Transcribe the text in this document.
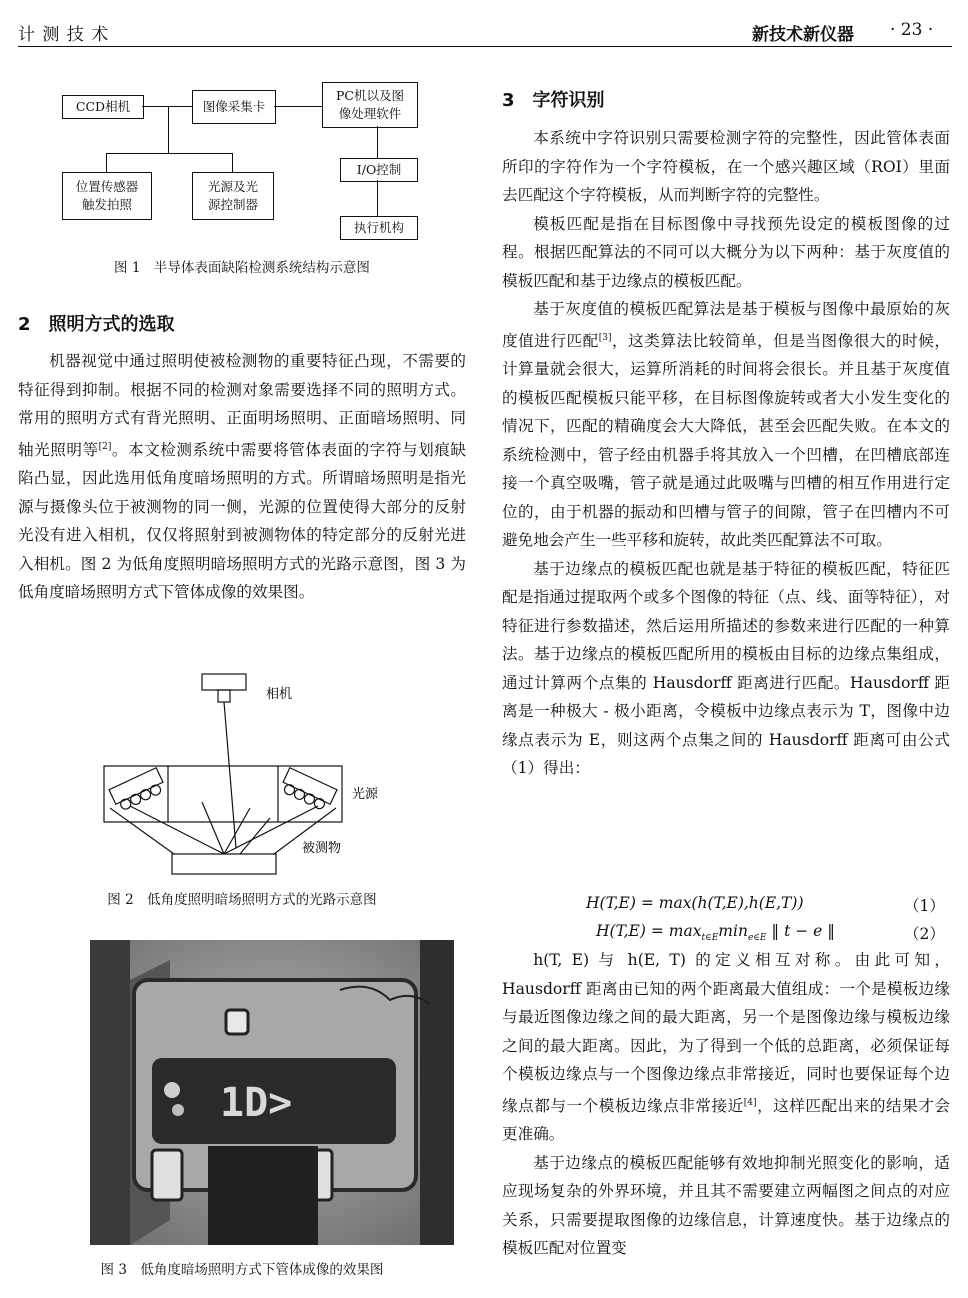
计 测 技 术	新技术新仪器 · 23 ·
CCD相机	图像采集卡
PC机以及图
像处理软件
位置传感器
触发拍照
光源及光
源控制器
I/O控制
执行机构
图 1　半导体表面缺陷检测系统结构示意图
2　照明方式的选取

机器视觉中通过照明使被检测物的重要特征凸现，不需要的特征得到抑制。根据不同的检测对象需要选择不同的照明方式。常用的照明方式有背光照明、正面明场照明、正面暗场照明、同轴光照明等[2]。本文检测系统中需要将管体表面的字符与划痕缺陷凸显，因此选用低角度暗场照明的方式。所谓暗场照明是指光源与摄像头位于被测物的同一侧，光源的位置使得大部分的反射光没有进入相机，仅仅将照射到被测物体的特定部分的反射光进入相机。图 2 为低角度照明暗场照明方式的光路示意图，图 3 为低角度暗场照明方式下管体成像的效果图。

相机
光源
被测物
图 2　低角度照明暗场照明方式的光路示意图
1D>
图 3　低角度暗场照明方式下管体成像的效果图
3　字符识别

本系统中字符识别只需要检测字符的完整性，因此管体表面所印的字符作为一个字符模板，在一个感兴趣区域（ROI）里面去匹配这个字符模板，从而判断字符的完整性。

模板匹配是指在目标图像中寻找预先设定的模板图像的过程。根据匹配算法的不同可以大概分为以下两种：基于灰度值的模板匹配和基于边缘点的模板匹配。

基于灰度值的模板匹配算法是基于模板与图像中最原始的灰度值进行匹配[3]，这类算法比较简单，但是当图像很大的时候，计算量就会很大，运算所消耗的时间将会很长。并且基于灰度值的模板匹配模板只能平移，在目标图像旋转或者大小发生变化的情况下，匹配的精确度会大大降低，甚至会匹配失败。在本文的系统检测中，管子经由机器手将其放入一个凹槽，在凹槽底部连接一个真空吸嘴，管子就是通过此吸嘴与凹槽的相互作用进行定位的，由于机器的振动和凹槽与管子的间隙，管子在凹槽内不可避免地会产生一些平移和旋转，故此类匹配算法不可取。

基于边缘点的模板匹配也就是基于特征的模板匹配，特征匹配是指通过提取两个或多个图像的特征（点、线、面等特征），对特征进行参数描述，然后运用所描述的参数来进行匹配的一种算法。基于边缘点的模板匹配所用的模板由目标的边缘点集组成，通过计算两个点集的 Hausdorff 距离进行匹配。Hausdorff 距离是一种极大 - 极小距离，令模板中边缘点表示为 T，图像中边缘点表示为 E，则这两个点集之间的 Hausdorff 距离可由公式（1）得出：

H(T,E) = max(h(T,E),h(E,T))	（1）
$H(T,E) = \max_{t\in E}\min_{e\in E}$ ‖ t − e ‖	（2）

h(T, E) 与 h(E, T) 的定义相互对称。由此可知，Hausdorff 距离由已知的两个距离最大值组成：一个是模板边缘与最近图像边缘之间的最大距离，另一个是图像边缘与模板边缘之间的最大距离。因此，为了得到一个低的总距离，必须保证每个模板边缘点与一个图像边缘点非常接近，同时也要保证每个边缘点都与一个模板边缘点非常接近[4]，这样匹配出来的结果才会更准确。

基于边缘点的模板匹配能够有效地抑制光照变化的影响，适应现场复杂的外界环境，并且其不需要建立两幅图之间点的对应关系，只需要提取图像的边缘信息，计算速度快。基于边缘点的模板匹配对位置变
